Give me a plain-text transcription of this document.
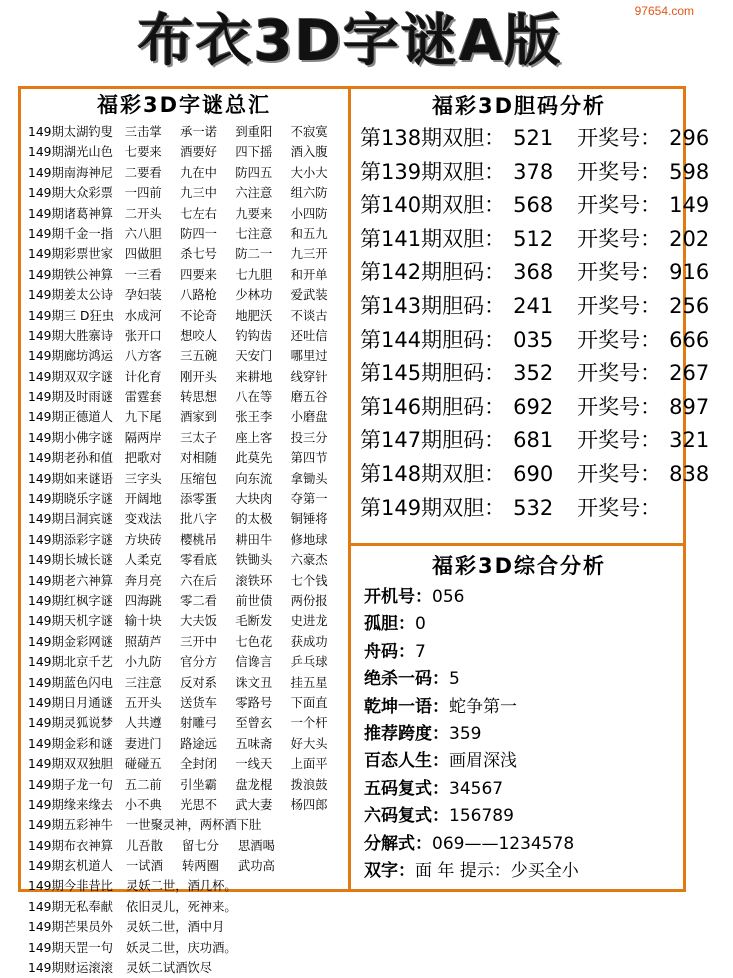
97654.com
布衣3D字谜A版
福彩3D字谜总汇
149期太湖钓叟 三击掌	承一诺	到重阳	不寂寞
149期湖光山色 七要来	酒要好	四下摇	酒入腹
149期南海神尼 二要看	九在中	防四五	大小大
149期大众彩票 一四前	九三中	六注意	组六防
149期诸葛神算 二开头	七左右	九要来	小四防
149期千金一指 六八胆	防四一	七注意	和五九
149期彩票世家 四做胆	杀七号	防二一	九三开
149期铁公神算 一三看	四要来	七九胆	和开单
149期姜太公诗 孕妇装	八路枪	少林功	爱武装
149期三 D狂虫 水成河	不论奇	地肥沃	不谈古
149期大胜寨诗 张开口	想咬人	钓钩齿	还吐信
149期廊坊鸿运 八方客	三五碗	天安门	哪里过
149期双双字谜 计化育	刚开头	来耕地	线穿针
149期及时雨谜 雷霆套	转思想	八在等	磨五谷
149期正德道人 九下尾	酒家到	张王李	小磨盘
149期小佛字谜 隔两岸	三太子	座上客	投三分
149期老孙和值 把歌对	对相随	此莫先	第四节
149期如来谜语 三字头	压缩包	向东流	拿锄头
149期晓乐字谜 开阔地	添零蛋	大块肉	夺第一
149期吕洞宾谜 变戏法	批八字	的太极	铜锤将
149期添彩字谜 方块砖	樱桃吊	耕田牛	修地球
149期长城长谜 人柔克	零看底	铁锄头	六豪杰
149期老六神算 奔月亮	六在后	滚铁环	七个钱
149期红枫字谜 四海跳	零二看	前世债	两份报
149期天机字谜 输十块	大夫饭	毛断发	史进龙
149期金彩网谜 照葫芦	三开中	七色花	获成功
149期北京千艺 小九防	官分方	信谗言	乒乓球
149期蓝色闪电 三注意	反对系	诛文丑	挂五星
149期日月通谜 五开头	送货车	零路号	下面直
149期灵狐说梦 人共遵	射雕弓	至曾玄	一个杆
149期金彩和谜 妻进门	路途远	五味斋	好大头
149期双双独胆 碰碰五	全封闭	一线天	上面平
149期子龙一句 五二前	引坐霸	盘龙棍	拨浪鼓
149期缘来缘去 小不典	光思不	武大妻	杨四郎
149期五彩神牛	一世聚灵神，两杯酒下肚
149期布衣神算	儿吾散	留七分	思酒喝
149期玄机道人	一试酒	转两圈	武功高
149期今非昔比	灵妖二世，酒几杯。
149期无私奉献	依旧灵儿，死神来。
149期芒果员外	灵妖二世，酒中月
149期天罡一句	妖灵二世，庆功酒。
149期财运滚滚	灵妖二试酒饮尽
福彩3D胆码分析
第138期双胆： 521 开奖号： 296
第139期双胆： 378 开奖号： 598
第140期双胆： 568 开奖号： 149
第141期双胆： 512 开奖号： 202
第142期胆码： 368 开奖号： 916
第143期胆码： 241 开奖号： 256
第144期胆码： 035 开奖号： 666
第145期胆码： 352 开奖号： 267
第146期胆码： 692 开奖号： 897
第147期胆码： 681 开奖号： 321
第148期双胆： 690 开奖号： 838
第149期双胆： 532 开奖号：
福彩3D综合分析
开机号：056
孤胆：0
舟码：7
绝杀一码：5
乾坤一语：蛇争第一
推荐跨度：359
百态人生：画眉深浅
五码复式：34567
六码复式：156789
分解式：069——1234578
双字：面 年 提示：少买全小
